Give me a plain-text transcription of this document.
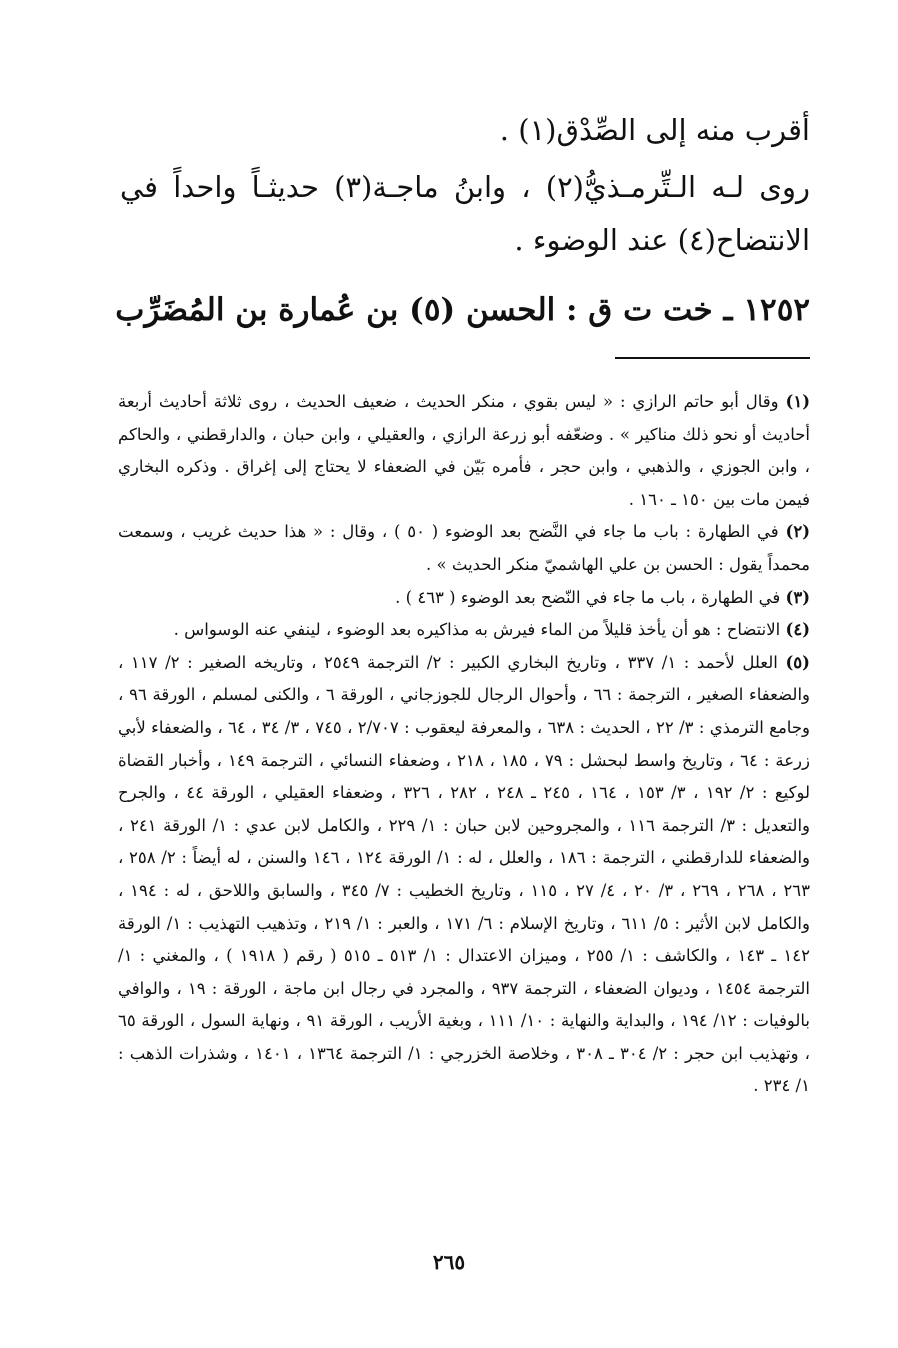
أقرب منه إلى الصِّدْق(١) .
روى لـه الـتِّرمـذيُّ(٢) ، وابنُ ماجـة(٣) حديثـاً واحداً في
الانتضاح(٤) عند الوضوء .
١٢٥٢ ـ خت ت ق : الحسن (٥) بن عُمارة بن المُضَرِّب

(١) وقال أبو حاتم الرازي : « ليس بقوي ، منكر الحديث ، ضعيف الحديث ، روى ثلاثة أحاديث أربعة أحاديث أو نحو ذلك مناكير » . وضعّفه أبو زرعة الرازي ، والعقيلي ، وابن حبان ، والدارقطني ، والحاكم ، وابن الجوزي ، والذهبي ، وابن حجر ، فأمره بَيّن في الضعفاء لا يحتاج إلى إغراق . وذكره البخاري فيمن مات بين ١٥٠ ـ ١٦٠ .

(٢) في الطهارة : باب ما جاء في النَّضح بعد الوضوء ( ٥٠ ) ، وقال : « هذا حديث غريب ، وسمعت محمداً يقول : الحسن بن علي الهاشميّ منكر الحديث » .

(٣) في الطهارة ، باب ما جاء في النّضح بعد الوضوء ( ٤٦٣ ) .

(٤) الانتضاح : هو أن يأخذ قليلاً من الماء فيرش به مذاكيره بعد الوضوء ، لينفي عنه الوسواس .

(٥) العلل لأحمد : ١/ ٣٣٧ ، وتاريخ البخاري الكبير : ٢/ الترجمة ٢٥٤٩ ، وتاريخه الصغير : ٢/ ١١٧ ، والضعفاء الصغير ، الترجمة : ٦٦ ، وأحوال الرجال للجوزجاني ، الورقة ٦ ، والكنى لمسلم ، الورقة ٩٦ ، وجامع الترمذي : ٣/ ٢٢ ، الحديث : ٦٣٨ ، والمعرفة ليعقوب : ٢/٧٠٧ ، ٧٤٥ ، ٣/ ٣٤ ، ٦٤ ، والضعفاء لأبي زرعة : ٦٤ ، وتاريخ واسط لبحشل : ٧٩ ، ١٨٥ ، ٢١٨ ، وضعفاء النسائي ، الترجمة ١٤٩ ، وأخبار القضاة لوكيع : ٢/ ١٩٢ ، ٣/ ١٥٣ ، ١٦٤ ، ٢٤٥ ـ ٢٤٨ ، ٢٨٢ ، ٣٢٦ ، وضعفاء العقيلي ، الورقة ٤٤ ، والجرح والتعديل : ٣/ الترجمة ١١٦ ، والمجروحين لابن حبان : ١/ ٢٢٩ ، والكامل لابن عدي : ١/ الورقة ٢٤١ ، والضعفاء للدارقطني ، الترجمة : ١٨٦ ، والعلل ، له : ١/ الورقة ١٢٤ ، ١٤٦ والسنن ، له أيضاً : ٢/ ٢٥٨ ، ٢٦٣ ، ٢٦٨ ، ٢٦٩ ، ٣/ ٢٠ ، ٤/ ٢٧ ، ١١٥ ، وتاريخ الخطيب : ٧/ ٣٤٥ ، والسابق واللاحق ، له : ١٩٤ ، والكامل لابن الأثير : ٥/ ٦١١ ، وتاريخ الإسلام : ٦/ ١٧١ ، والعبر : ١/ ٢١٩ ، وتذهيب التهذيب : ١/ الورقة ١٤٢ ـ ١٤٣ ، والكاشف : ١/ ٢٥٥ ، وميزان الاعتدال : ١/ ٥١٣ ـ ٥١٥ ( رقم ( ١٩١٨ ) ، والمغني : ١/ الترجمة ١٤٥٤ ، وديوان الضعفاء ، الترجمة ٩٣٧ ، والمجرد في رجال ابن ماجة ، الورقة : ١٩ ، والوافي بالوفيات : ١٢/ ١٩٤ ، والبداية والنهاية : ١٠/ ١١١ ، وبغية الأريب ، الورقة ٩١ ، ونهاية السول ، الورقة ٦٥ ، وتهذيب ابن حجر : ٢/ ٣٠٤ ـ ٣٠٨ ، وخلاصة الخزرجي : ١/ الترجمة ١٣٦٤ ، ١٤٠١ ، وشذرات الذهب : ١/ ٢٣٤ .

٢٦٥
